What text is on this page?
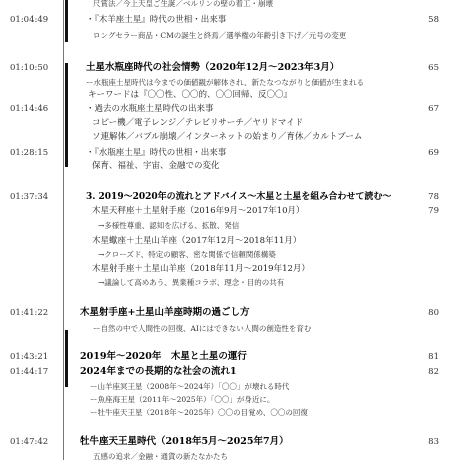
尺賞法／今上天皇ご生誕／ベルリンの壁の着工・崩壊
01:04:49	・『木羊座土星』時代の世相・出来事	58
ロングセラー商品・CMの誕生と終焉／選挙権の年齢引き下げ／元号の変更
01:10:50	土星水瓶座時代の社会情勢（2020年12月〜2023年3月）	65
ー水瓶座土星時代は今までの価値観が解体され、新たなつながりと価値が生まれる
キーワードは『〇〇性、〇〇的、〇〇回帰、反〇〇』
01:14:46	・過去の水瓶座土星時代の出来事	67
コピー機／電子レンジ／テレビリサーチ／ヤリドマイド
ソ連解体／バブル崩壊／インターネットの始まり／育休／カルトブーム
01:28:15	・『水瓶座土星』時代の世相・出来事	69
保育、福祉、宇宙、金融での変化
01:37:34	3. 2019〜2020年の流れとアドバイス〜木星と土星を組み合わせて読む〜	78
木星天秤座＋土星射手座（2016年9月〜2017年10月）	79
→多様性尊重、認知を広げる、拡散、発信
木星蠍座＋土星山羊座（2017年12月〜2018年11月）
→クローズド、特定の顧客、密な関係で信頼関係構築
木星射手座＋土星山羊座（2018年11月〜2019年12月）
→議論して高めあう、異業種コラボ、理念・目的の共有
01:41:22	木星射手座+土星山羊座時期の過ごし方	80
ー自然の中で人間性の回復、AIにはできない人間の創造性を育む
01:43:21	2019年〜2020年　木星と土星の運行	81
01:44:17	2024年までの長期的な社会の流れ1	82
ー山羊座冥王星（2008年〜2024年）「〇〇」が壊れる時代
ー魚座海王星（2011年〜2025年）「〇〇」が身近に。
ー牡牛座天王星（2018年〜2025年）〇〇の目覚め、〇〇の回復
01:47:42	牡牛座天王星時代（2018年5月〜2025年7月）	83
五感の追求／金融・通貨の新たなかたち
